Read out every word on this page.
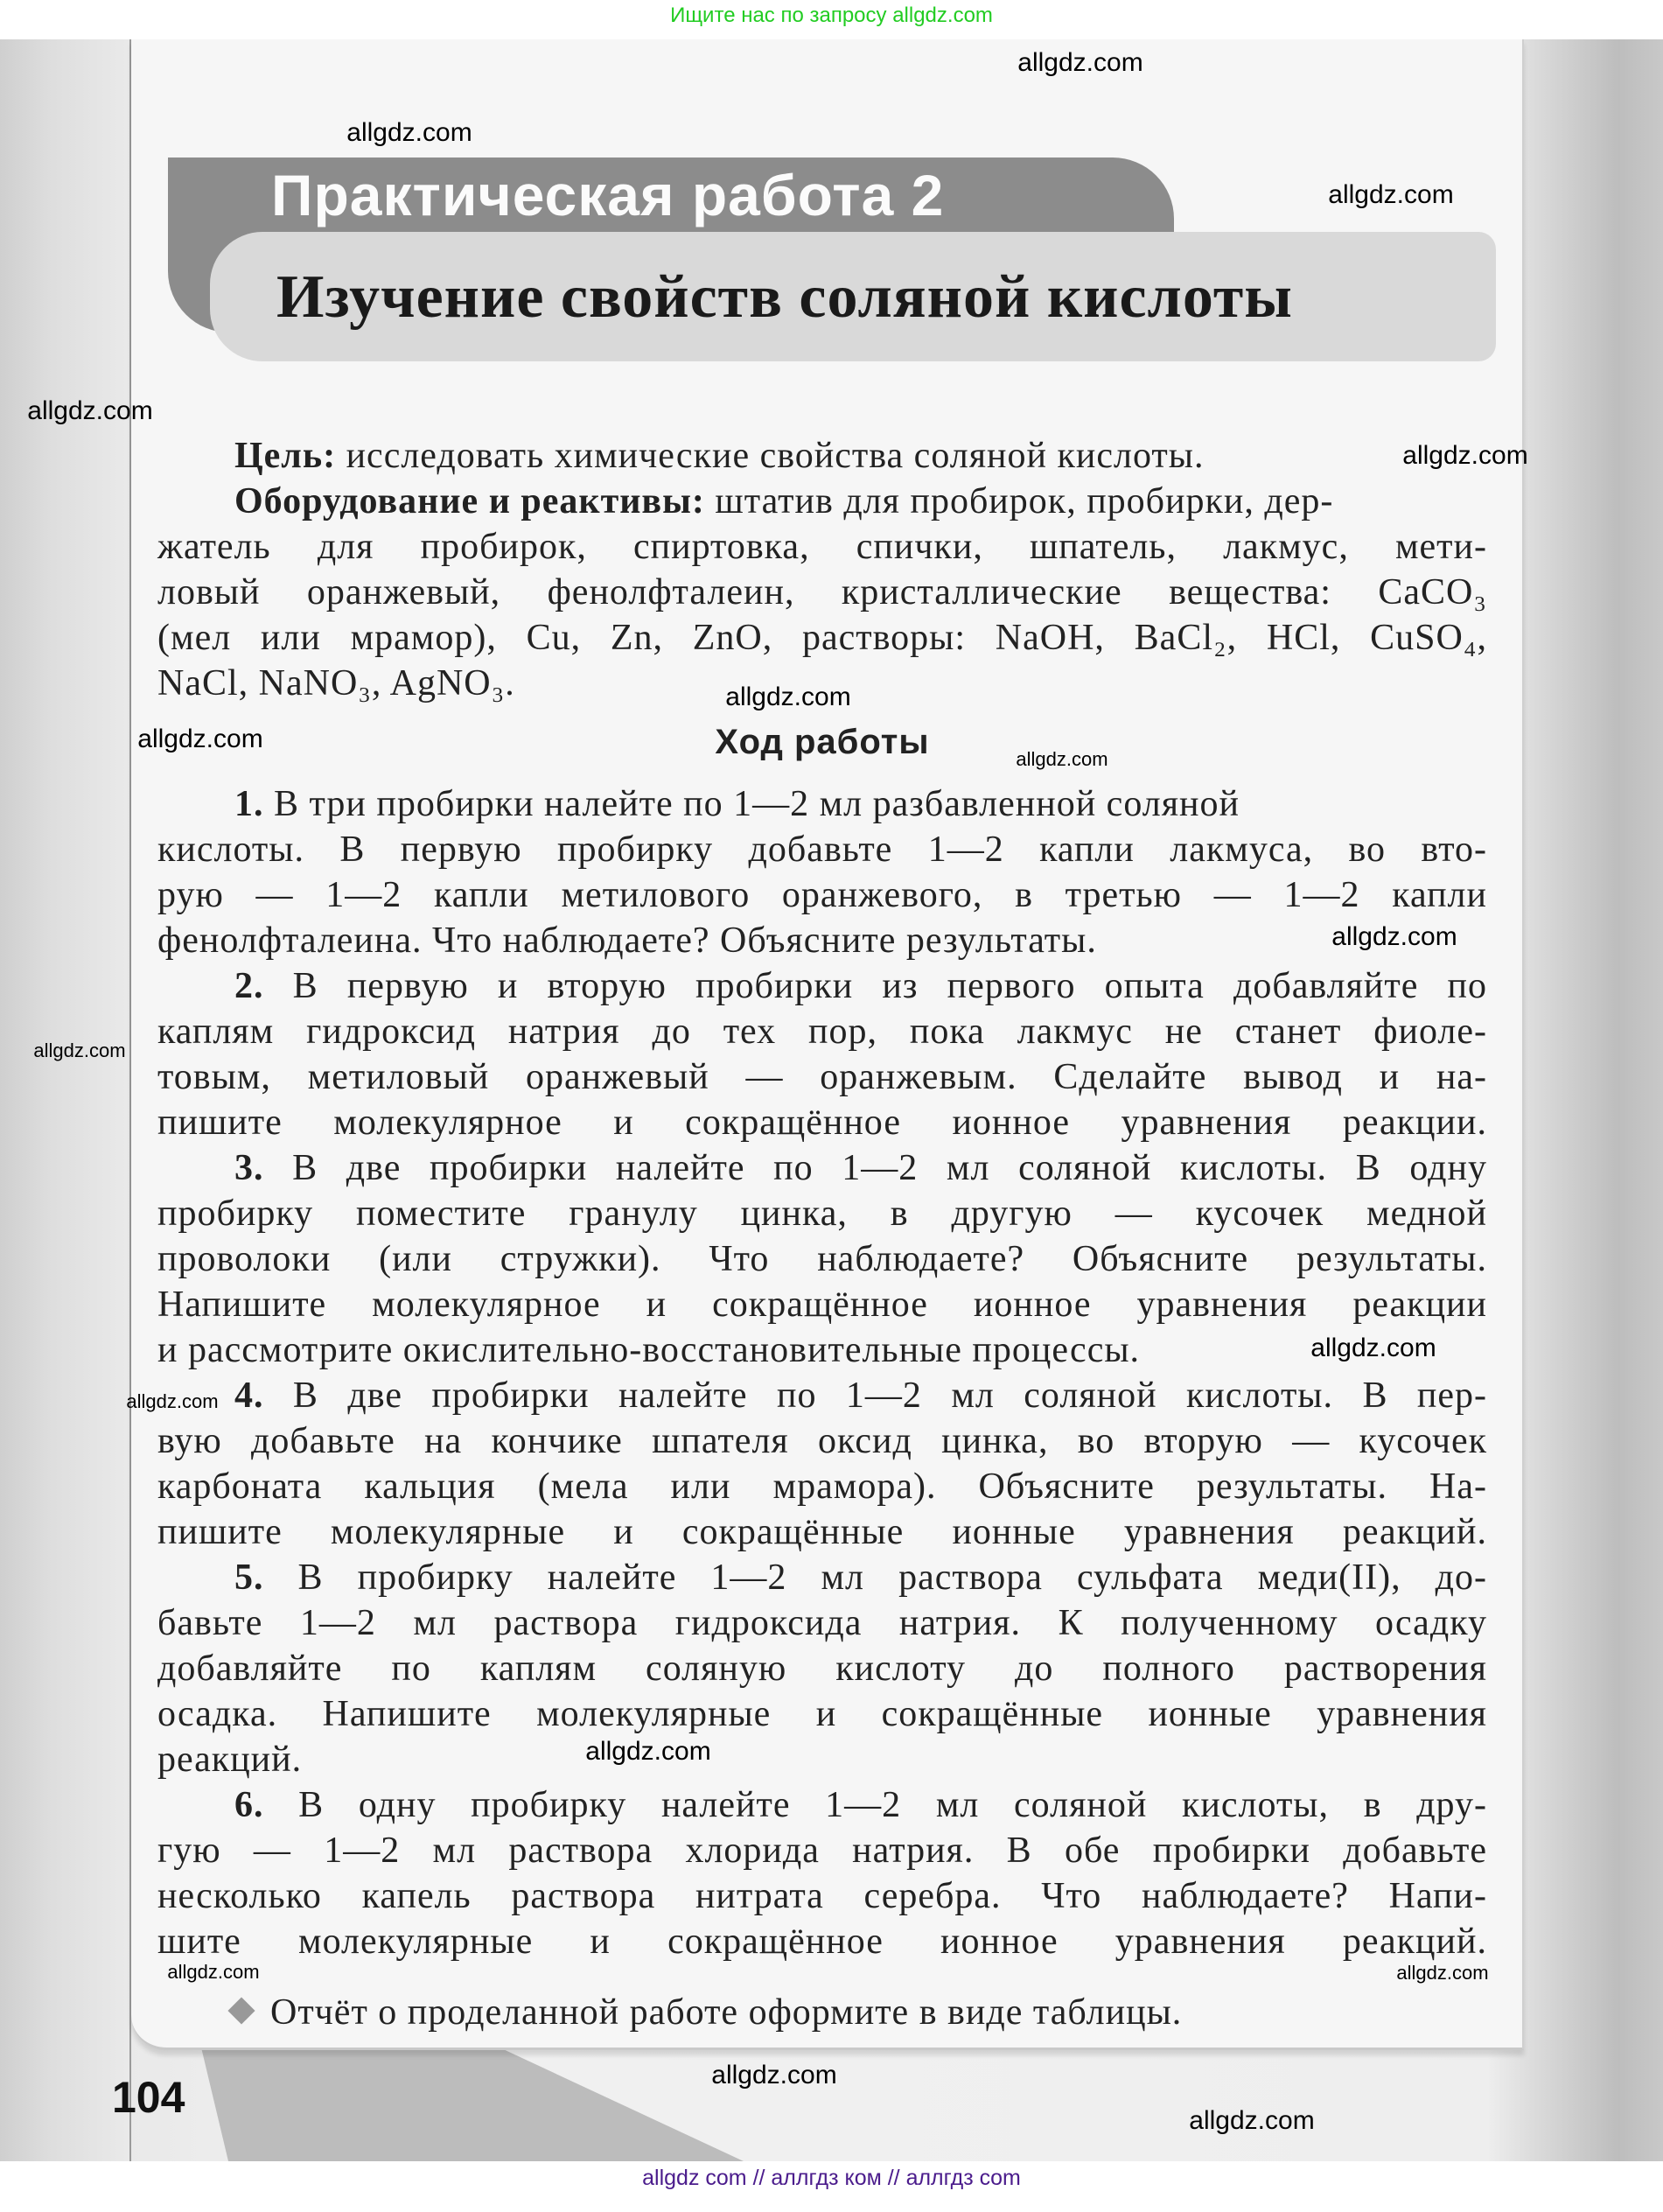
Ищите нас по запросу allgdz.com
Практическая работа 2
Изучение свойств соляной кислоты
Цель: исследовать химические свойства соляной кислоты.
Оборудование и реактивы: штатив для пробирок, пробирки, дер-
жатель для пробирок, спиртовка, спички, шпатель, лакмус, мети-
ловый оранжевый, фенолфталеин, кристаллические вещества: CaCO₃
(мел или мрамор), Cu, Zn, ZnO, растворы: NaOH, BaCl₂, HCl, CuSO₄,
NaCl, NaNO₃, AgNO₃.
Ход работы
1. В три пробирки налейте по 1—2 мл разбавленной соляной
кислоты. В первую пробирку добавьте 1—2 капли лакмуса, во вто-
рую — 1—2 капли метилового оранжевого, в третью — 1—2 капли
фенолфталеина. Что наблюдаете? Объясните результаты.
2. В первую и вторую пробирки из первого опыта добавляйте по
каплям гидроксид натрия до тех пор, пока лакмус не станет фиоле-
товым, метиловый оранжевый — оранжевым. Сделайте вывод и на-
пишите молекулярное и сокращённое ионное уравнения реакции.
3. В две пробирки налейте по 1—2 мл соляной кислоты. В одну
пробирку поместите гранулу цинка, в другую — кусочек медной
проволоки (или стружки). Что наблюдаете? Объясните результаты.
Напишите молекулярное и сокращённое ионное уравнения реакции
и рассмотрите окислительно-восстановительные процессы.
4. В две пробирки налейте по 1—2 мл соляной кислоты. В пер-
вую добавьте на кончике шпателя оксид цинка, во вторую — кусочек
карбоната кальция (мела или мрамора). Объясните результаты. На-
пишите молекулярные и сокращённые ионные уравнения реакций.
5. В пробирку налейте 1—2 мл раствора сульфата меди(II), до-
бавьте 1—2 мл раствора гидроксида натрия. К полученному осадку
добавляйте по каплям соляную кислоту до полного растворения
осадка. Напишите молекулярные и сокращённые ионные уравнения
реакций.
6. В одну пробирку налейте 1—2 мл соляной кислоты, в дру-
гую — 1—2 мл раствора хлорида натрия. В обе пробирки добавьте
несколько капель раствора нитрата серебра. Что наблюдаете? Напи-
шите молекулярные и сокращённое ионное уравнения реакций.
Отчёт о проделанной работе оформите в виде таблицы.
104
allgdz.com
allgdz.com
allgdz.com
allgdz.com
allgdz.com
allgdz.com
allgdz.com
allgdz.com
allgdz.com
allgdz.com
allgdz.com
allgdz.com
allgdz.com
allgdz.com
allgdz.com
allgdz.com
allgdz.com
allgdz com // аллгдз ком // аллгдз com
